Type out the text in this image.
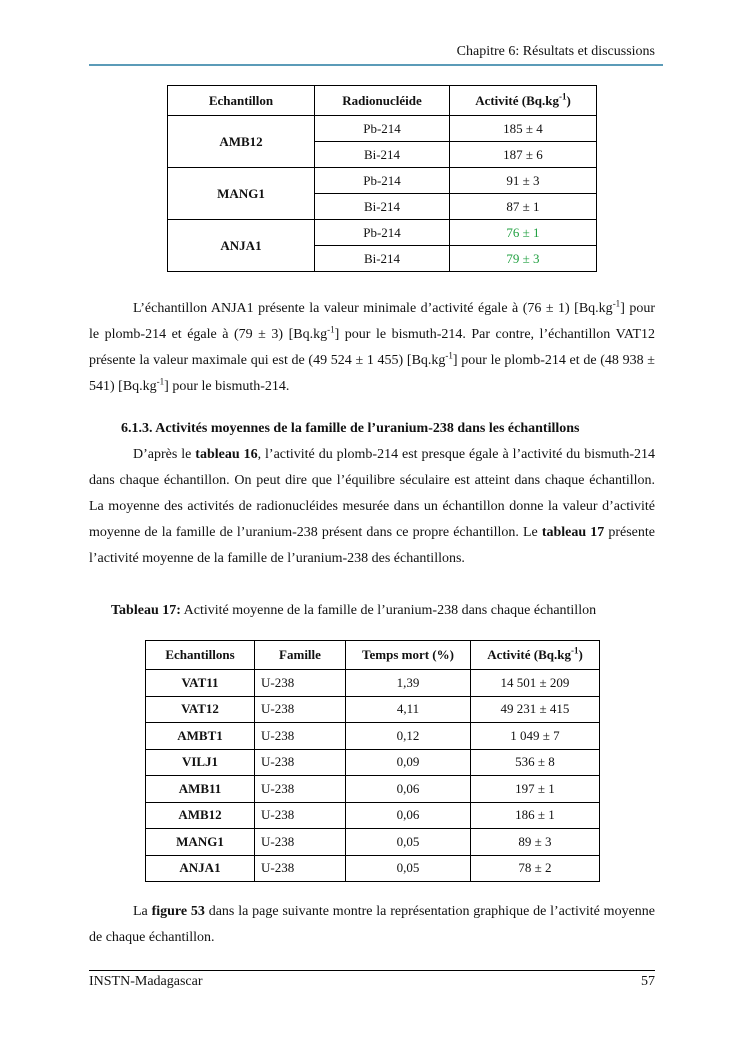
Chapitre 6: Résultats et discussions
Echantillon	Radionucléide	Activité $(Bq.kg^{-1})$
AMB12	Pb-214	185 ± 4
	Bi-214	187 ± 6
MANG1	Pb-214	91 ± 3
	Bi-214	87 ± 1
ANJA1	Pb-214	76 ± 1
	Bi-214	79 ± 3

L’échantillon ANJA1 présente la valeur minimale d’activité égale à (76 ± 1) $[Bq.kg^{-1}]$ pour le plomb-214 et égale à (79 ± 3) $[Bq.kg^{-1}]$ pour le bismuth-214. Par contre, l’échantillon VAT12 présente la valeur maximale qui est de (49 524 ± 1 455) $[Bq.kg^{-1}]$ pour le plomb-214 et de (48 938 ± 541) $[Bq.kg^{-1}]$ pour le bismuth-214.

6.1.3. Activités moyennes de la famille de l’uranium-238 dans les échantillons

D’après le tableau 16, l’activité du plomb-214 est presque égale à l’activité du bismuth-214 dans chaque échantillon. On peut dire que l’équilibre séculaire est atteint dans chaque échantillon. La moyenne des activités de radionucléides mesurée dans un échantillon donne la valeur d’activité moyenne de la famille de l’uranium-238 présent dans ce propre échantillon. Le tableau 17 présente l’activité moyenne de la famille de l’uranium-238 des échantillons.

Tableau 17: Activité moyenne de la famille de l’uranium-238 dans chaque échantillon
Echantillons	Famille	Temps mort (%)	Activité $(Bq.kg^{-1})$
VAT11	U-238	1,39	14 501 ± 209
VAT12	U-238	4,11	49 231 ± 415
AMBT1	U-238	0,12	1 049 ± 7
VILJ1	U-238	0,09	536 ± 8
AMB11	U-238	0,06	197 ± 1
AMB12	U-238	0,06	186 ± 1
MANG1	U-238	0,05	89 ± 3
ANJA1	U-238	0,05	78 ± 2

La figure 53 dans la page suivante montre la représentation graphique de l’activité moyenne de chaque échantillon.

INSTN-Madagascar	57
